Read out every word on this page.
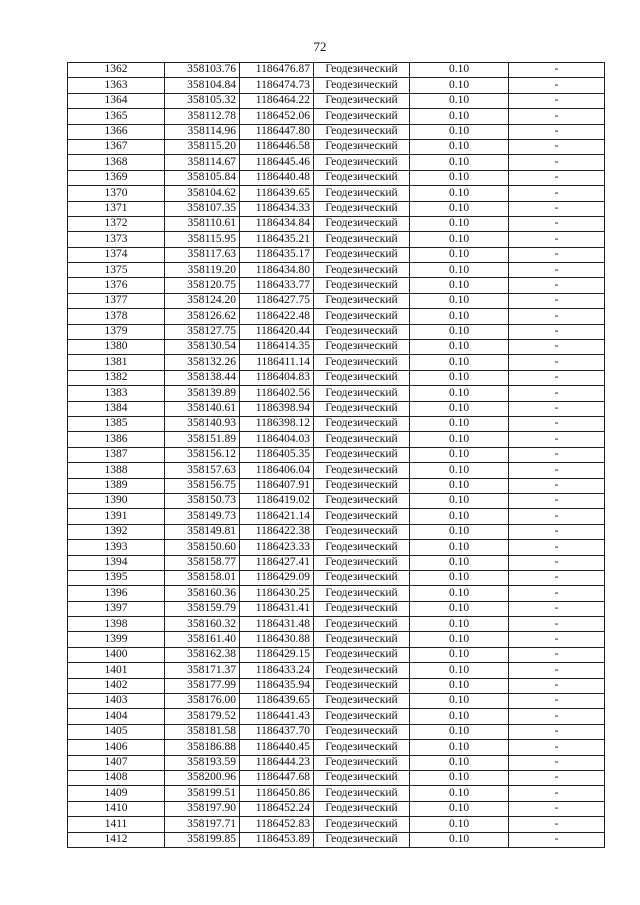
72
1362	358103.76	1186476.87	Геодезический	0.10	-
1363	358104.84	1186474.73	Геодезический	0.10	-
1364	358105.32	1186464.22	Геодезический	0.10	-
1365	358112.78	1186452.06	Геодезический	0.10	-
1366	358114.96	1186447.80	Геодезический	0.10	-
1367	358115.20	1186446.58	Геодезический	0.10	-
1368	358114.67	1186445.46	Геодезический	0.10	-
1369	358105.84	1186440.48	Геодезический	0.10	-
1370	358104.62	1186439.65	Геодезический	0.10	-
1371	358107.35	1186434.33	Геодезический	0.10	-
1372	358110.61	1186434.84	Геодезический	0.10	-
1373	358115.95	1186435.21	Геодезический	0.10	-
1374	358117.63	1186435.17	Геодезический	0.10	-
1375	358119.20	1186434.80	Геодезический	0.10	-
1376	358120.75	1186433.77	Геодезический	0.10	-
1377	358124.20	1186427.75	Геодезический	0.10	-
1378	358126.62	1186422.48	Геодезический	0.10	-
1379	358127.75	1186420.44	Геодезический	0.10	-
1380	358130.54	1186414.35	Геодезический	0.10	-
1381	358132.26	1186411.14	Геодезический	0.10	-
1382	358138.44	1186404.83	Геодезический	0.10	-
1383	358139.89	1186402.56	Геодезический	0.10	-
1384	358140.61	1186398.94	Геодезический	0.10	-
1385	358140.93	1186398.12	Геодезический	0.10	-
1386	358151.89	1186404.03	Геодезический	0.10	-
1387	358156.12	1186405.35	Геодезический	0.10	-
1388	358157.63	1186406.04	Геодезический	0.10	-
1389	358156.75	1186407.91	Геодезический	0.10	-
1390	358150.73	1186419.02	Геодезический	0.10	-
1391	358149.73	1186421.14	Геодезический	0.10	-
1392	358149.81	1186422.38	Геодезический	0.10	-
1393	358150.60	1186423.33	Геодезический	0.10	-
1394	358158.77	1186427.41	Геодезический	0.10	-
1395	358158.01	1186429.09	Геодезический	0.10	-
1396	358160.36	1186430.25	Геодезический	0.10	-
1397	358159.79	1186431.41	Геодезический	0.10	-
1398	358160.32	1186431.48	Геодезический	0.10	-
1399	358161.40	1186430.88	Геодезический	0.10	-
1400	358162.38	1186429.15	Геодезический	0.10	-
1401	358171.37	1186433.24	Геодезический	0.10	-
1402	358177.99	1186435.94	Геодезический	0.10	-
1403	358176.00	1186439.65	Геодезический	0.10	-
1404	358179.52	1186441.43	Геодезический	0.10	-
1405	358181.58	1186437.70	Геодезический	0.10	-
1406	358186.88	1186440.45	Геодезический	0.10	-
1407	358193.59	1186444.23	Геодезический	0.10	-
1408	358200.96	1186447.68	Геодезический	0.10	-
1409	358199.51	1186450.86	Геодезический	0.10	-
1410	358197.90	1186452.24	Геодезический	0.10	-
1411	358197.71	1186452.83	Геодезический	0.10	-
1412	358199.85	1186453.89	Геодезический	0.10	-
